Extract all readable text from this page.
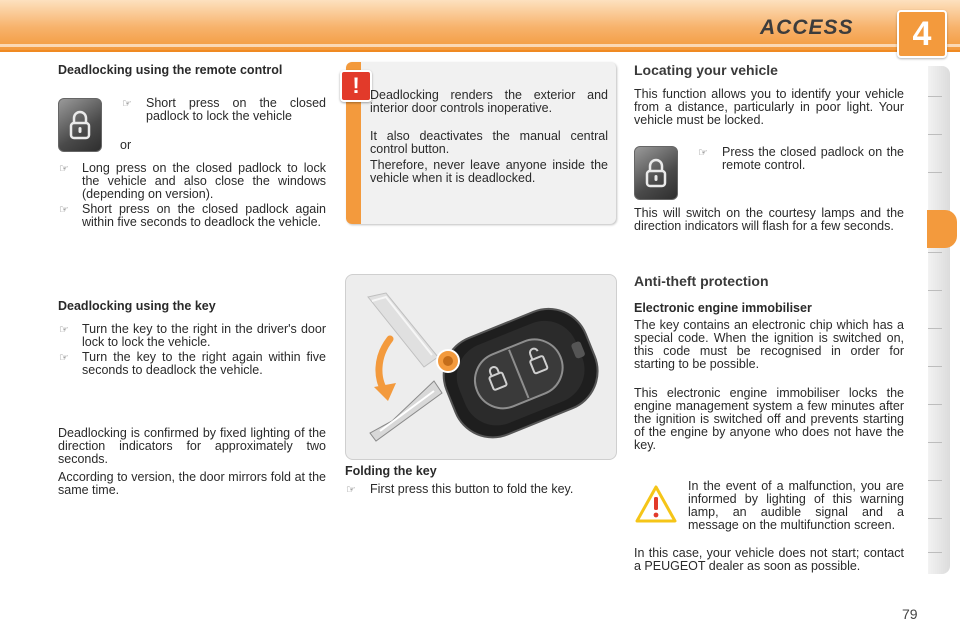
ACCESS	4
Deadlocking using the remote control
☞ Short press on the closed padlock to lock the vehicle
or
☞ Long press on the closed padlock to lock the vehicle and also close the windows (depending on version).
☞ Short press on the closed padlock again within five seconds to deadlock the vehicle.
Deadlocking using the key
☞ Turn the key to the right in the driver's door lock to lock the vehicle.
☞ Turn the key to the right again within five seconds to deadlock the vehicle.
Deadlocking is confirmed by fixed lighting of the direction indicators for approximately two seconds.
According to version, the door mirrors fold at the same time.
! Deadlocking renders the exterior and interior door controls inoperative.
It also deactivates the manual central control button.
Therefore, never leave anyone inside the vehicle when it is deadlocked.
Folding the key
☞ First press this button to fold the key.
Locating your vehicle
This function allows you to identify your vehicle from a distance, particularly in poor light. Your vehicle must be locked.
☞ Press the closed padlock on the remote control.
This will switch on the courtesy lamps and the direction indicators will flash for a few seconds.
Anti-theft protection
Electronic engine immobiliser
The key contains an electronic chip which has a special code. When the ignition is switched on, this code must be recognised in order for starting to be possible.
This electronic engine immobiliser locks the engine management system a few minutes after the ignition is switched off and prevents starting of the engine by anyone who does not have the key.
In the event of a malfunction, you are informed by lighting of this warning lamp, an audible signal and a message on the multifunction screen.
In this case, your vehicle does not start; contact a PEUGEOT dealer as soon as possible.
79
